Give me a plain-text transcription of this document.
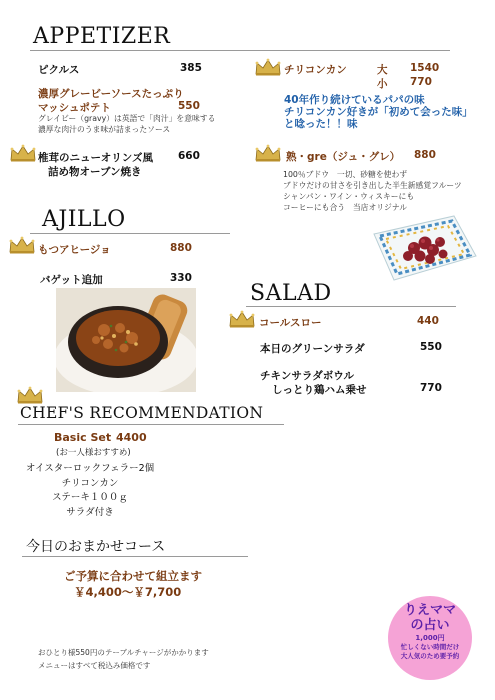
APPETIZER
ピクルス	385
濃厚グレービーソースたっぷり
マッシュポテト	550
グレイビー（gravy）は英語で「肉汁」を意味する
濃厚な肉汁のうま味が詰まったソース
椎茸のニューオリンズ風
詰め物オーブン焼き
660
チリコンカン	大 1540
小 770
40年作り続けているパパの味
チリコンカン好きが「初めて会った味」
と唸った！！味
熟・gre（ジュ・グレ） 880
100％ブドウ　一切、砂糖を使わず
ブドウだけの甘さを引き出した半生新感覚フルーツ
シャンパン・ワイン・ウィスキーにも
コーヒーにも合う　当店オリジナル
AJILLO
もつアヒージョ	880
バゲット追加	330
SALAD
コールスロー	440
本日のグリーンサラダ	550
チキンサラダボウル
しっとり鶏ハム乗せ	770
CHEF'S RECOMMENDATION
Basic Set 4400
(お一人様おすすめ)
オイスターロックフェラー2個
チリコンカン
ステーキ１００ｇ
サラダ付き
今日のおまかせコース
ご予算に合わせて組立ます
￥4,400〜￥7,700
おひとり様550円のテーブルチャージがかかります
メニューはすべて税込み価格です
りえママ
の占い
1,000円
忙しくない時間だけ
大人気のため要予約
